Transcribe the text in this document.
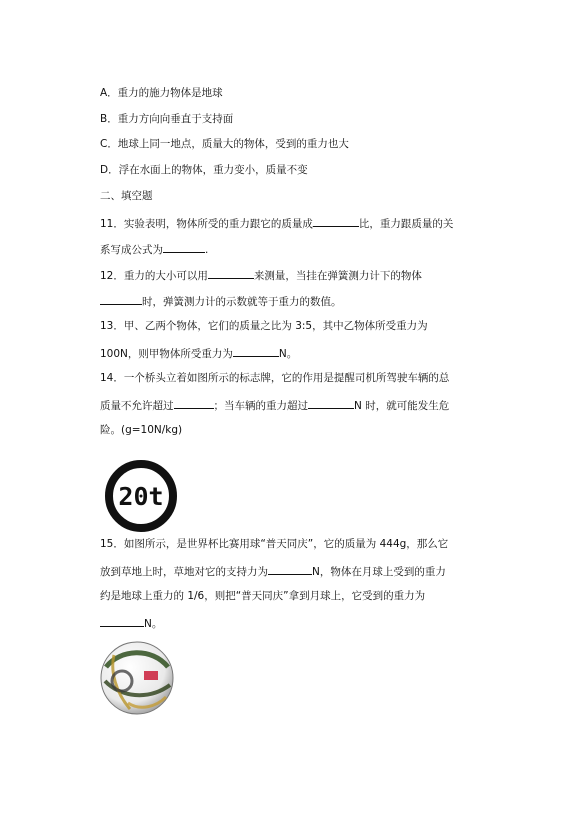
A．重力的施力物体是地球
B．重力方向向垂直于支持面
C．地球上同一地点，质量大的物体，受到的重力也大
D．浮在水面上的物体，重力变小，质量不变
二、填空题
11．实验表明，物体所受的重力跟它的质量成	比，重力跟质量的关
系写成公式为	.
12．重力的大小可以用	来测量，当挂在弹簧测力计下的物体
时，弹簧测力计的示数就等于重力的数值。
13．甲、乙两个物体，它们的质量之比为 3:5，其中乙物体所受重力为
100N，则甲物体所受重力为	N。
14．一个桥头立着如图所示的标志牌，它的作用是提醒司机所驾驶车辆的总
质量不允许超过	；当车辆的重力超过	N 时，就可能发生危
险。(g=10N/kg)
20t
15．如图所示，是世界杯比赛用球“普天同庆”，它的质量为 444g，那么它
放到草地上时，草地对它的支持力为	N，物体在月球上受到的重力
约是地球上重力的 1/6，则把“普天同庆”拿到月球上，它受到的重力为
N。
